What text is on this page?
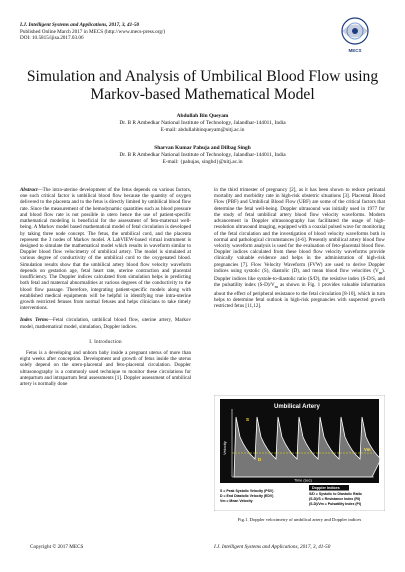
I.J. Intelligent Systems and Applications, 2017, 3, 41-50
Published Online March 2017 in MECS (http://www.mecs-press.org/)
DOI: 10.5815/ijisa.2017.03.06
MECS
Simulation and Analysis of Umbilical Blood Flow using Markov-based Mathematical Model
Abdullah Bin Queyam
Dr. B R Ambedkar National Institute of Technology, Jalandhar-144011, India
E-mail: abdullahbinqueyam@nitj.ac.in
Sharvan Kumar Pahuja and Dilbag Singh
Dr. B R Ambedkar National Institute of Technology, Jalandhar-144011, India
E-mail: {pahujas, singhd}@nitj.ac.in

Abstract—The intra-uterine development of the fetus depends on various factors, one such critical factor is umbilical blood flow because the quantity of oxygen delivered to the placenta and to the fetus is directly limited by umbilical blood flow rate. Since the measurement of the hemodynamic quantities such as blood pressure and blood flow rate is not possible in utero hence the use of patient-specific mathematical modeling is beneficial for the assessment of feto-maternal well-being. A Markov model based mathematical model of fetal circulation is developed by taking three node concept. The fetus, the umbilical cord, and the placenta represent the 3 nodes of Markov model. A LabVIEW-based virtual instrument is designed to simulate the mathematical model which results in waveform similar to Doppler blood flow velocimetry of umbilical artery. The model is simulated at various degree of conductivity of the umbilical cord to the oxygenated blood. Simulation results show that the umbilical artery blood flow velocity waveform depends on gestation age, fetal heart rate, uterine contraction and placental insufficiency. The Doppler indices calculated from simulation helps in predicting both fetal and maternal abnormalities at various degrees of the conductivity to the blood flow passage. Therefore, integrating patient-specific models along with established medical equipments will be helpful in identifying true intra-uterine growth restricted fetuses from normal fetuses and helps clinicians to take timely interventions.

Index Terms—Fetal circulation, umbilical blood flow, uterine artery, Markov model, mathematical model, simulation, Doppler indices.

I. Introduction

Fetus is a developing and unborn baby inside a pregnant uterus of more than eight weeks after conception. Development and growth of fetus inside the uterus solely depend on the utero-placental and feto-placental circulation. Doppler ultrasonography is a commonly used technique to monitor these circulations for antepartum and intrapartum fetal assessments [1]. Doppler assessment of umbilical artery is normally done

in the third trimester of pregnancy [2], as it has been shown to reduce perinatal mortality and morbidity rate in high-risk obstetric situations [3]. Placental Blood Flow (PBF) and Umbilical Blood Flow (UBF) are some of the critical factors that determine the fetal well-being. Doppler ultrasound was initially used in 1977 for the study of fetal umbilical artery blood flow velocity waveforms. Modern advancement in Doppler ultrasonography has facilitated the usage of high-resolution ultrasound imaging, equipped with a coaxial pulsed wave for monitoring of the fetal circulation and the investigation of blood velocity waveforms both in normal and pathological circumstances [4-6]. Presently umbilical artery blood flow velocity waveform analysis is used for the evaluation of feto-placental blood flow. Doppler indices calculated from these blood flow velocity waveforms provide clinically valuable evidence and helps in the administration of high-risk pregnancies [7]. Flow Velocity Waveform (FVW) are used to derive Doppler indices using systolic (S), diastolic (D), and mean blood flow velocities $(V_m)$. Doppler indices like systole-to-diastolic ratio (S/D), the resistive index (S-D/S, and the pulsatility index $(S-D)/V_m$ as shown in Fig. 1 provides valuable information about the effect of peripheral resistance to the fetal circulation [8-10], which in turn helps to determine fetal outlook in high-risk pregnancies with suspected growth restricted fetus [11,12].

Umbilical Artery
Velocity
Time (sec)
S
D
Vm
S = Peak Systolic Velocity (PSV)
D = End Diastolic Velocity (EDV)
Vm = Mean Velocity
Doppler Indices
S/D = Systolic to Diastolic Ratio
(S-D)/S = Resistance Index (RI)
(S-D)/Vm = Pulsatility Index (PI)
Fig.1. Doppler velocimetry of umbilical artery and Doppler indices
Copyright © 2017 MECS	I.J. Intelligent Systems and Applications, 2017, 3, 41-50
